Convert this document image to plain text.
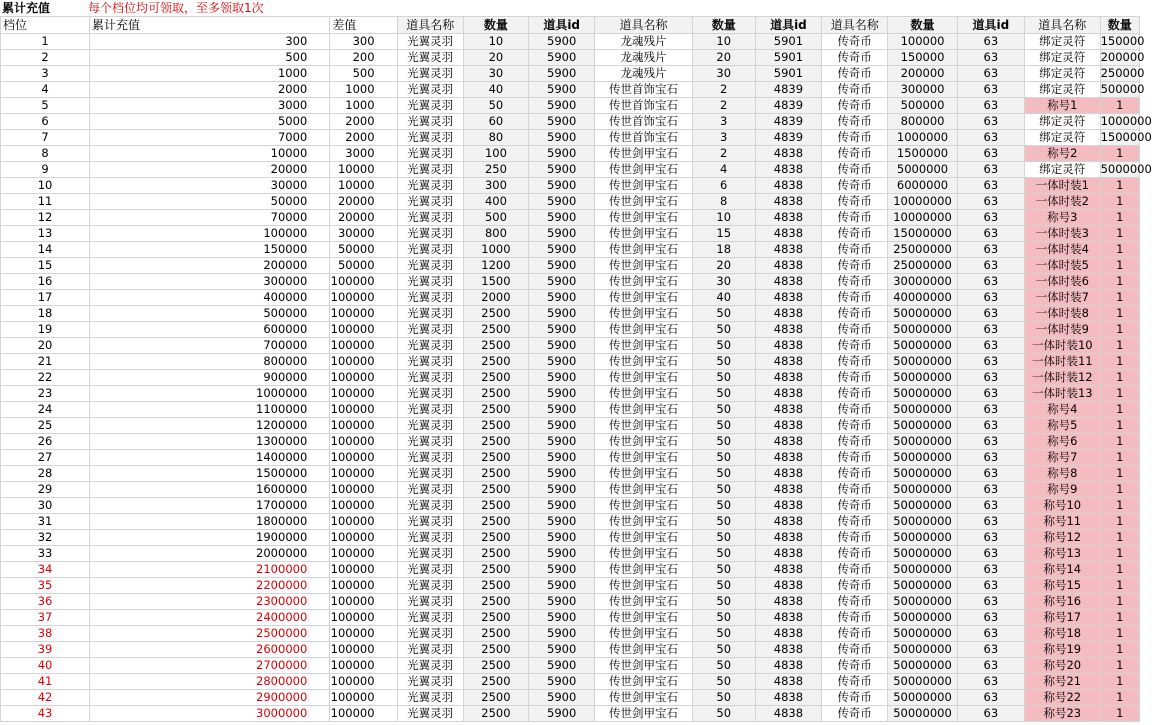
累计充值	每个档位均可领取，至多领取1次
档位	累计充值	差值	道具名称	数量	道具id	道具名称	数量	道具id	道具名称	数量	道具id	道具名称	数量
1	300	300	光翼灵羽	10	5900	龙魂残片	10	5901	传奇币	100000	63	绑定灵符	150000
2	500	200	光翼灵羽	20	5900	龙魂残片	20	5901	传奇币	150000	63	绑定灵符	200000
3	1000	500	光翼灵羽	30	5900	龙魂残片	30	5901	传奇币	200000	63	绑定灵符	250000
4	2000	1000	光翼灵羽	40	5900	传世首饰宝石	2	4839	传奇币	300000	63	绑定灵符	500000
5	3000	1000	光翼灵羽	50	5900	传世首饰宝石	2	4839	传奇币	500000	63	称号1	1
6	5000	2000	光翼灵羽	60	5900	传世首饰宝石	3	4839	传奇币	800000	63	绑定灵符	1000000
7	7000	2000	光翼灵羽	80	5900	传世首饰宝石	3	4839	传奇币	1000000	63	绑定灵符	1500000
8	10000	3000	光翼灵羽	100	5900	传世剑甲宝石	2	4838	传奇币	1500000	63	称号2	1
9	20000	10000	光翼灵羽	250	5900	传世剑甲宝石	4	4838	传奇币	5000000	63	绑定灵符	5000000
10	30000	10000	光翼灵羽	300	5900	传世剑甲宝石	6	4838	传奇币	6000000	63	一体时装1	1
11	50000	20000	光翼灵羽	400	5900	传世剑甲宝石	8	4838	传奇币	10000000	63	一体时装2	1
12	70000	20000	光翼灵羽	500	5900	传世剑甲宝石	10	4838	传奇币	10000000	63	称号3	1
13	100000	30000	光翼灵羽	800	5900	传世剑甲宝石	15	4838	传奇币	15000000	63	一体时装3	1
14	150000	50000	光翼灵羽	1000	5900	传世剑甲宝石	18	4838	传奇币	25000000	63	一体时装4	1
15	200000	50000	光翼灵羽	1200	5900	传世剑甲宝石	20	4838	传奇币	25000000	63	一体时装5	1
16	300000	100000	光翼灵羽	1500	5900	传世剑甲宝石	30	4838	传奇币	30000000	63	一体时装6	1
17	400000	100000	光翼灵羽	2000	5900	传世剑甲宝石	40	4838	传奇币	40000000	63	一体时装7	1
18	500000	100000	光翼灵羽	2500	5900	传世剑甲宝石	50	4838	传奇币	50000000	63	一体时装8	1
19	600000	100000	光翼灵羽	2500	5900	传世剑甲宝石	50	4838	传奇币	50000000	63	一体时装9	1
20	700000	100000	光翼灵羽	2500	5900	传世剑甲宝石	50	4838	传奇币	50000000	63	一体时装10	1
21	800000	100000	光翼灵羽	2500	5900	传世剑甲宝石	50	4838	传奇币	50000000	63	一体时装11	1
22	900000	100000	光翼灵羽	2500	5900	传世剑甲宝石	50	4838	传奇币	50000000	63	一体时装12	1
23	1000000	100000	光翼灵羽	2500	5900	传世剑甲宝石	50	4838	传奇币	50000000	63	一体时装13	1
24	1100000	100000	光翼灵羽	2500	5900	传世剑甲宝石	50	4838	传奇币	50000000	63	称号4	1
25	1200000	100000	光翼灵羽	2500	5900	传世剑甲宝石	50	4838	传奇币	50000000	63	称号5	1
26	1300000	100000	光翼灵羽	2500	5900	传世剑甲宝石	50	4838	传奇币	50000000	63	称号6	1
27	1400000	100000	光翼灵羽	2500	5900	传世剑甲宝石	50	4838	传奇币	50000000	63	称号7	1
28	1500000	100000	光翼灵羽	2500	5900	传世剑甲宝石	50	4838	传奇币	50000000	63	称号8	1
29	1600000	100000	光翼灵羽	2500	5900	传世剑甲宝石	50	4838	传奇币	50000000	63	称号9	1
30	1700000	100000	光翼灵羽	2500	5900	传世剑甲宝石	50	4838	传奇币	50000000	63	称号10	1
31	1800000	100000	光翼灵羽	2500	5900	传世剑甲宝石	50	4838	传奇币	50000000	63	称号11	1
32	1900000	100000	光翼灵羽	2500	5900	传世剑甲宝石	50	4838	传奇币	50000000	63	称号12	1
33	2000000	100000	光翼灵羽	2500	5900	传世剑甲宝石	50	4838	传奇币	50000000	63	称号13	1
34	2100000	100000	光翼灵羽	2500	5900	传世剑甲宝石	50	4838	传奇币	50000000	63	称号14	1
35	2200000	100000	光翼灵羽	2500	5900	传世剑甲宝石	50	4838	传奇币	50000000	63	称号15	1
36	2300000	100000	光翼灵羽	2500	5900	传世剑甲宝石	50	4838	传奇币	50000000	63	称号16	1
37	2400000	100000	光翼灵羽	2500	5900	传世剑甲宝石	50	4838	传奇币	50000000	63	称号17	1
38	2500000	100000	光翼灵羽	2500	5900	传世剑甲宝石	50	4838	传奇币	50000000	63	称号18	1
39	2600000	100000	光翼灵羽	2500	5900	传世剑甲宝石	50	4838	传奇币	50000000	63	称号19	1
40	2700000	100000	光翼灵羽	2500	5900	传世剑甲宝石	50	4838	传奇币	50000000	63	称号20	1
41	2800000	100000	光翼灵羽	2500	5900	传世剑甲宝石	50	4838	传奇币	50000000	63	称号21	1
42	2900000	100000	光翼灵羽	2500	5900	传世剑甲宝石	50	4838	传奇币	50000000	63	称号22	1
43	3000000	100000	光翼灵羽	2500	5900	传世剑甲宝石	50	4838	传奇币	50000000	63	称号23	1
